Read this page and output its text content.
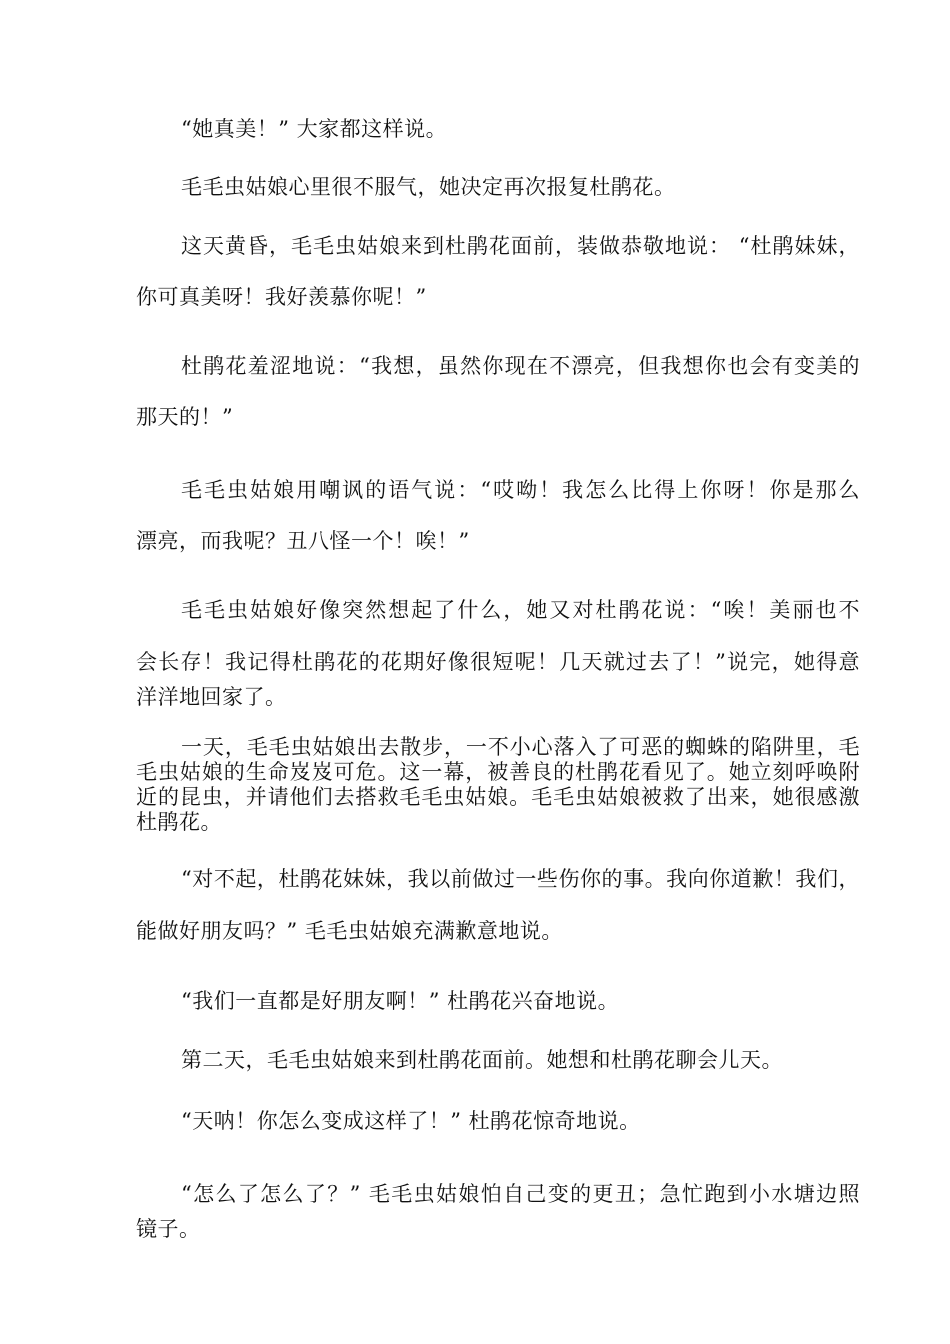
“她真美！” 大家都这样说。
毛毛虫姑娘心里很不服气，她决定再次报复杜鹃花。
这天黄昏，毛毛虫姑娘来到杜鹃花面前，装做恭敬地说： “杜鹃妹妹，
你可真美呀！我好羡慕你呢！”
杜鹃花羞涩地说：“我想，虽然你现在不漂亮，但我想你也会有变美的
那天的！”
毛毛虫姑娘用嘲讽的语气说：“哎呦！我怎么比得上你呀！你是那么
漂亮，而我呢？丑八怪一个！唉！”
毛毛虫姑娘好像突然想起了什么，她又对杜鹃花说：“唉！美丽也不
会长存！我记得杜鹃花的花期好像很短呢！几天就过去了！”说完，她得意
洋洋地回家了。
一天，毛毛虫姑娘出去散步，一不小心落入了可恶的蜘蛛的陷阱里，毛
毛虫姑娘的生命岌岌可危。这一幕，被善良的杜鹃花看见了。她立刻呼唤附
近的昆虫，并请他们去搭救毛毛虫姑娘。毛毛虫姑娘被救了出来，她很感激
杜鹃花。
“对不起，杜鹃花妹妹，我以前做过一些伤你的事。我向你道歉！我们，
能做好朋友吗？” 毛毛虫姑娘充满歉意地说。
“我们一直都是好朋友啊！” 杜鹃花兴奋地说。
第二天，毛毛虫姑娘来到杜鹃花面前。她想和杜鹃花聊会儿天。
“天呐！你怎么变成这样了！” 杜鹃花惊奇地说。
“怎么了怎么了？” 毛毛虫姑娘怕自己变的更丑；急忙跑到小水塘边照
镜子。
